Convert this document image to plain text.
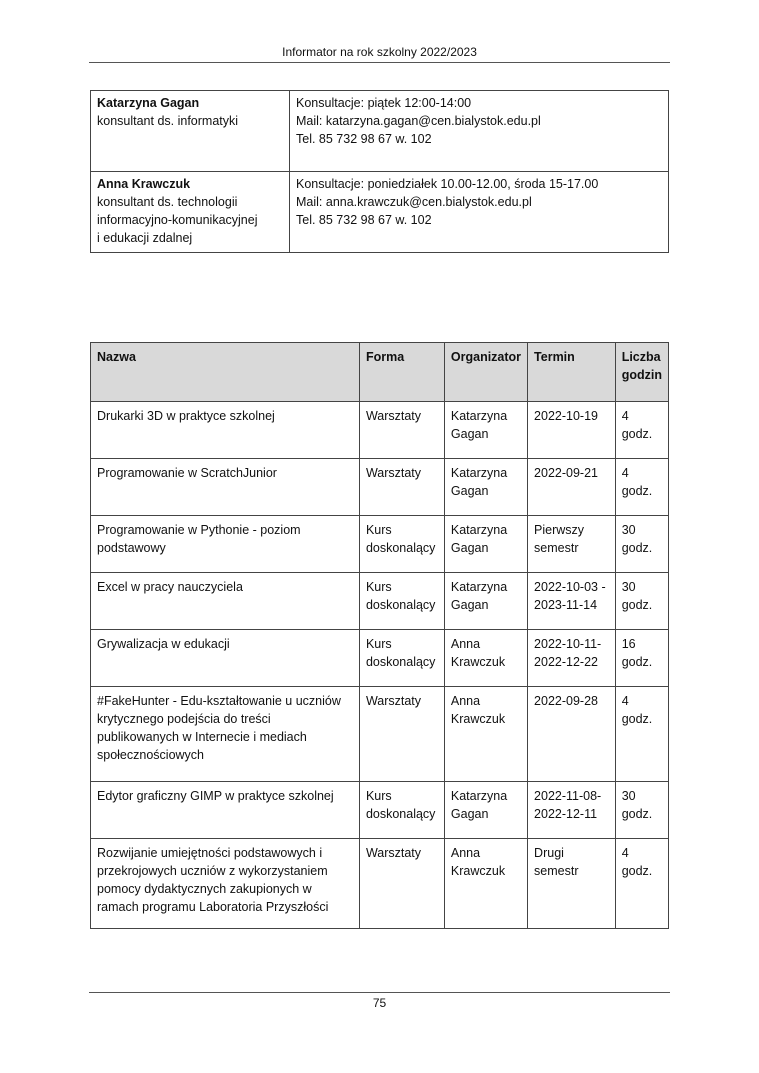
Informator na rok szkolny 2022/2023
Katarzyna Gagan
konsultant ds. informatyki	Konsultacje: piątek 12:00-14:00
Mail: katarzyna.gagan@cen.bialystok.edu.pl
Tel. 85 732 98 67 w. 102

Anna Krawczuk
konsultant ds. technologii
informacyjno-komunikacyjnej
i edukacji zdalnej	Konsultacje: poniedziałek 10.00-12.00, środa 15-17.00
Mail: anna.krawczuk@cen.bialystok.edu.pl
Tel. 85 732 98 67 w. 102
Nazwa	Forma	Organizator	Termin	Liczba godzin
Drukarki 3D w praktyce szkolnej	Warsztaty	Katarzyna Gagan	2022-10-19	4 godz.
Programowanie w ScratchJunior	Warsztaty	Katarzyna Gagan	2022-09-21	4 godz.
Programowanie w Pythonie - poziom podstawowy	Kurs doskonalący	Katarzyna Gagan	Pierwszy semestr	30 godz.
Excel w pracy nauczyciela	Kurs doskonalący	Katarzyna Gagan	2022-10-03 - 2023-11-14	30 godz.
Grywalizacja w edukacji	Kurs doskonalący	Anna Krawczuk	2022-10-11- 2022-12-22	16 godz.
#FakeHunter - Edu-kształtowanie u uczniów krytycznego podejścia do treści publikowanych w Internecie i mediach społecznościowych	Warsztaty	Anna Krawczuk	2022-09-28	4 godz.
Edytor graficzny GIMP w praktyce szkolnej	Kurs doskonalący	Katarzyna Gagan	2022-11-08- 2022-12-11	30 godz.
Rozwijanie umiejętności podstawowych i przekrojowych uczniów z wykorzystaniem pomocy dydaktycznych zakupionych w ramach programu Laboratoria Przyszłości	Warsztaty	Anna Krawczuk	Drugi semestr	4 godz.
75
